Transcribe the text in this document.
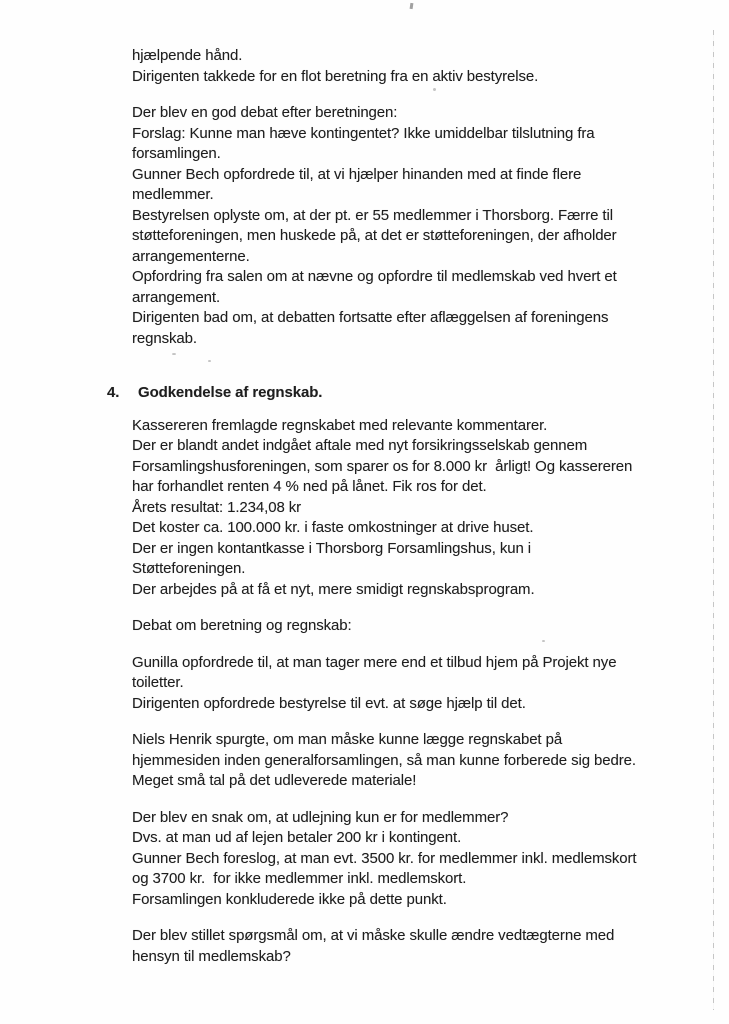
hjælpende hånd.
Dirigenten takkede for en flot beretning fra en aktiv bestyrelse.
Der blev en god debat efter beretningen:
Forslag: Kunne man hæve kontingentet? Ikke umiddelbar tilslutning fra
forsamlingen.
Gunner Bech opfordrede til, at vi hjælper hinanden med at finde flere
medlemmer.
Bestyrelsen oplyste om, at der pt. er 55 medlemmer i Thorsborg. Færre til
støtteforeningen, men huskede på, at det er støtteforeningen, der afholder
arrangementerne.
Opfordring fra salen om at nævne og opfordre til medlemskab ved hvert et
arrangement.
Dirigenten bad om, at debatten fortsatte efter aflæggelsen af foreningens
regnskab.
4.	Godkendelse af regnskab.
Kassereren fremlagde regnskabet med relevante kommentarer.
Der er blandt andet indgået aftale med nyt forsikringsselskab gennem
Forsamlingshusforeningen, som sparer os for 8.000 kr  årligt! Og kassereren
har forhandlet renten 4 % ned på lånet. Fik ros for det.
Årets resultat: 1.234,08 kr
Det koster ca. 100.000 kr. i faste omkostninger at drive huset.
Der er ingen kontantkasse i Thorsborg Forsamlingshus, kun i
Støtteforeningen.
Der arbejdes på at få et nyt, mere smidigt regnskabsprogram.
Debat om beretning og regnskab:
Gunilla opfordrede til, at man tager mere end et tilbud hjem på Projekt nye
toiletter.
Dirigenten opfordrede bestyrelse til evt. at søge hjælp til det.
Niels Henrik spurgte, om man måske kunne lægge regnskabet på
hjemmesiden inden generalforsamlingen, så man kunne forberede sig bedre.
Meget små tal på det udleverede materiale!
Der blev en snak om, at udlejning kun er for medlemmer?
Dvs. at man ud af lejen betaler 200 kr i kontingent.
Gunner Bech foreslog, at man evt. 3500 kr. for medlemmer inkl. medlemskort
og 3700 kr.  for ikke medlemmer inkl. medlemskort.
Forsamlingen konkluderede ikke på dette punkt.
Der blev stillet spørgsmål om, at vi måske skulle ændre vedtægterne med
hensyn til medlemskab?
